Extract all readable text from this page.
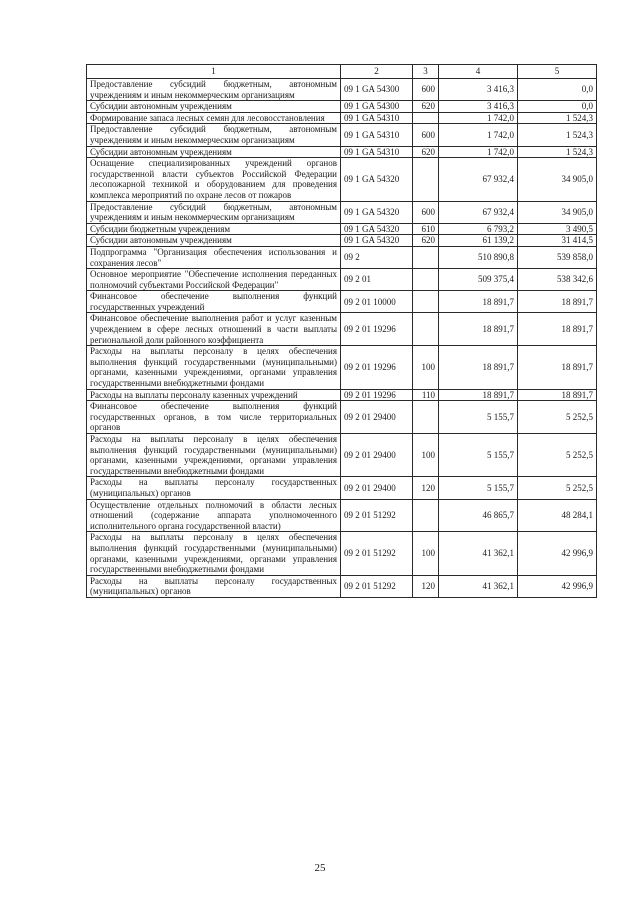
1	2	3	4	5
Предоставление субсидий бюджетным, автономным учреждениям и иным некоммерческим организациям	09 1 GA 54300	600	3 416,3	0,0
Субсидии автономным учреждениям	09 1 GA 54300	620	3 416,3	0,0
Формирование запаса лесных семян для лесовосстановления	09 1 GA 54310		1 742,0	1 524,3
Предоставление субсидий бюджетным, автономным учреждениям и иным некоммерческим организациям	09 1 GA 54310	600	1 742,0	1 524,3
Субсидии автономным учреждениям	09 1 GA 54310	620	1 742,0	1 524,3
Оснащение специализированных учреждений органов государственной власти субъектов Российской Федерации лесопожарной техникой и оборудованием для проведения комплекса мероприятий по охране лесов от пожаров	09 1 GA 54320		67 932,4	34 905,0
Предоставление субсидий бюджетным, автономным учреждениям и иным некоммерческим организациям	09 1 GA 54320	600	67 932,4	34 905,0
Субсидии бюджетным учреждениям	09 1 GA 54320	610	6 793,2	3 490,5
Субсидии автономным учреждениям	09 1 GA 54320	620	61 139,2	31 414,5
Подпрограмма "Организация обеспечения использования и сохранения лесов"	09 2		510 890,8	539 858,0
Основное мероприятие "Обеспечение исполнения переданных полномочий субъектами Российской Федерации"	09 2 01		509 375,4	538 342,6
Финансовое обеспечение выполнения функций государственных учреждений	09 2 01 10000		18 891,7	18 891,7
Финансовое обеспечение выполнения работ и услуг казенным учреждением в сфере лесных отношений в части выплаты региональной доли районного коэффициента	09 2 01 19296		18 891,7	18 891,7
Расходы на выплаты персоналу в целях обеспечения выполнения функций государственными (муниципальными) органами, казенными учреждениями, органами управления государственными внебюджетными фондами	09 2 01 19296	100	18 891,7	18 891,7
Расходы на выплаты персоналу казенных учреждений	09 2 01 19296	110	18 891,7	18 891,7
Финансовое обеспечение выполнения функций государственных органов, в том числе территориальных органов	09 2 01 29400		5 155,7	5 252,5
Расходы на выплаты персоналу в целях обеспечения выполнения функций государственными (муниципальными) органами, казенными учреждениями, органами управления государственными внебюджетными фондами	09 2 01 29400	100	5 155,7	5 252,5
Расходы на выплаты персоналу государственных (муниципальных) органов	09 2 01 29400	120	5 155,7	5 252,5
Осуществление отдельных полномочий в области лесных отношений (содержание аппарата уполномоченного исполнительного органа государственной власти)	09 2 01 51292		46 865,7	48 284,1
Расходы на выплаты персоналу в целях обеспечения выполнения функций государственными (муниципальными) органами, казенными учреждениями, органами управления государственными внебюджетными фондами	09 2 01 51292	100	41 362,1	42 996,9
Расходы на выплаты персоналу государственных (муниципальных) органов	09 2 01 51292	120	41 362,1	42 996,9
25
